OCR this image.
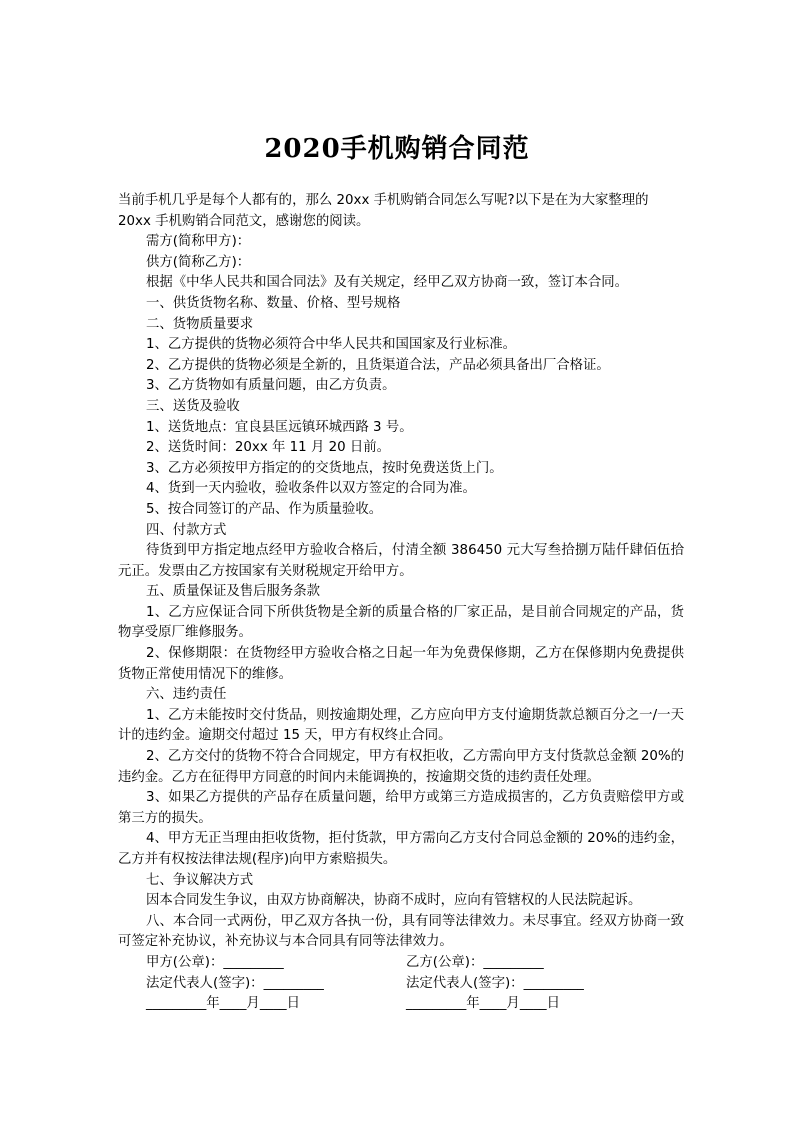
2020手机购销合同范

当前手机几乎是每个人都有的，那么 20xx 手机购销合同怎么写呢?以下是在为大家整理的

20xx 手机购销合同范文，感谢您的阅读。

需方(简称甲方)：

供方(简称乙方)：

根据《中华人民共和国合同法》及有关规定，经甲乙双方协商一致，签订本合同。

一、供货货物名称、数量、价格、型号规格

二、货物质量要求

1、乙方提供的货物必须符合中华人民共和国国家及行业标准。

2、乙方提供的货物必须是全新的，且货渠道合法，产品必须具备出厂合格证。

3、乙方货物如有质量问题，由乙方负责。

三、送货及验收

1、送货地点：宜良县匡远镇环城西路 3 号。

2、送货时间：20xx 年 11 月 20 日前。

3、乙方必须按甲方指定的的交货地点，按时免费送货上门。

4、货到一天内验收，验收条件以双方签定的合同为准。

5、按合同签订的产品、作为质量验收。

四、付款方式

待货到甲方指定地点经甲方验收合格后，付清全额 386450 元大写叁拾捌万陆仟肆佰伍拾元正。发票由乙方按国家有关财税规定开给甲方。

五、质量保证及售后服务条款

1、乙方应保证合同下所供货物是全新的质量合格的厂家正品，是目前合同规定的产品，货物享受原厂维修服务。

2、保修期限：在货物经甲方验收合格之日起一年为免费保修期，乙方在保修期内免费提供货物正常使用情况下的维修。

六、违约责任

1、乙方未能按时交付货品，则按逾期处理，乙方应向甲方支付逾期货款总额百分之一/一天计的违约金。逾期交付超过 15 天，甲方有权终止合同。

2、乙方交付的货物不符合合同规定，甲方有权拒收，乙方需向甲方支付货款总金额 20%的违约金。乙方在征得甲方同意的时间内未能调换的，按逾期交货的违约责任处理。

3、如果乙方提供的产品存在质量问题，给甲方或第三方造成损害的，乙方负责赔偿甲方或第三方的损失。

4、甲方无正当理由拒收货物，拒付货款，甲方需向乙方支付合同总金额的 20%的违约金，乙方并有权按法律法规(程序)向甲方索赔损失。

七、争议解决方式

因本合同发生争议，由双方协商解决，协商不成时，应向有管辖权的人民法院起诉。

八、本合同一式两份，甲乙双方各执一份，具有同等法律效力。未尽事宜。经双方协商一致可签定补充协议，补充协议与本合同具有同等法律效力。

甲方(公章)：_________	乙方(公章)：_________
法定代表人(签字)：_________	法定代表人(签字)：_________
_________年____月____日	_________年____月____日
